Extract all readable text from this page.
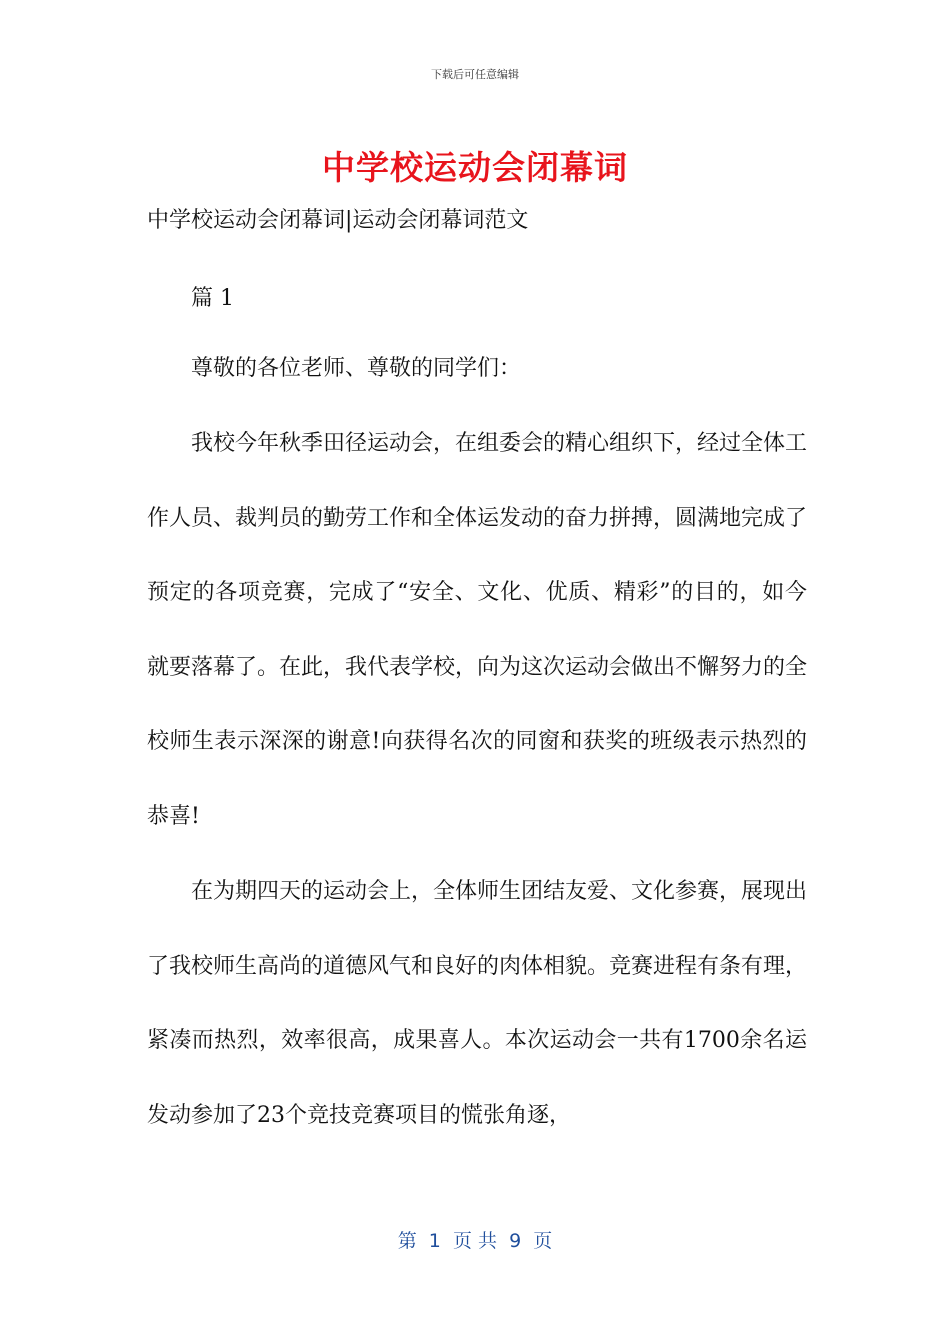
下载后可任意编辑
中学校运动会闭幕词
中学校运动会闭幕词|运动会闭幕词范文

篇 1

尊敬的各位老师、尊敬的同学们：

我校今年秋季田径运动会，在组委会的精心组织下，经过全体工作人员、裁判员的勤劳工作和全体运发动的奋力拼搏，圆满地完成了预定的各项竞赛，完成了“安全、文化、优质、精彩”的目的，如今就要落幕了。在此，我代表学校，向为这次运动会做出不懈努力的全校师生表示深深的谢意!向获得名次的同窗和获奖的班级表示热烈的恭喜!

在为期四天的运动会上，全体师生团结友爱、文化参赛，展现出了我校师生高尚的道德风气和良好的肉体相貌。竞赛进程有条有理，紧凑而热烈，效率很高，成果喜人。本次运动会一共有1700余名运发动参加了23个竞技竞赛项目的慌张角逐，

第  1  页 共  9  页
